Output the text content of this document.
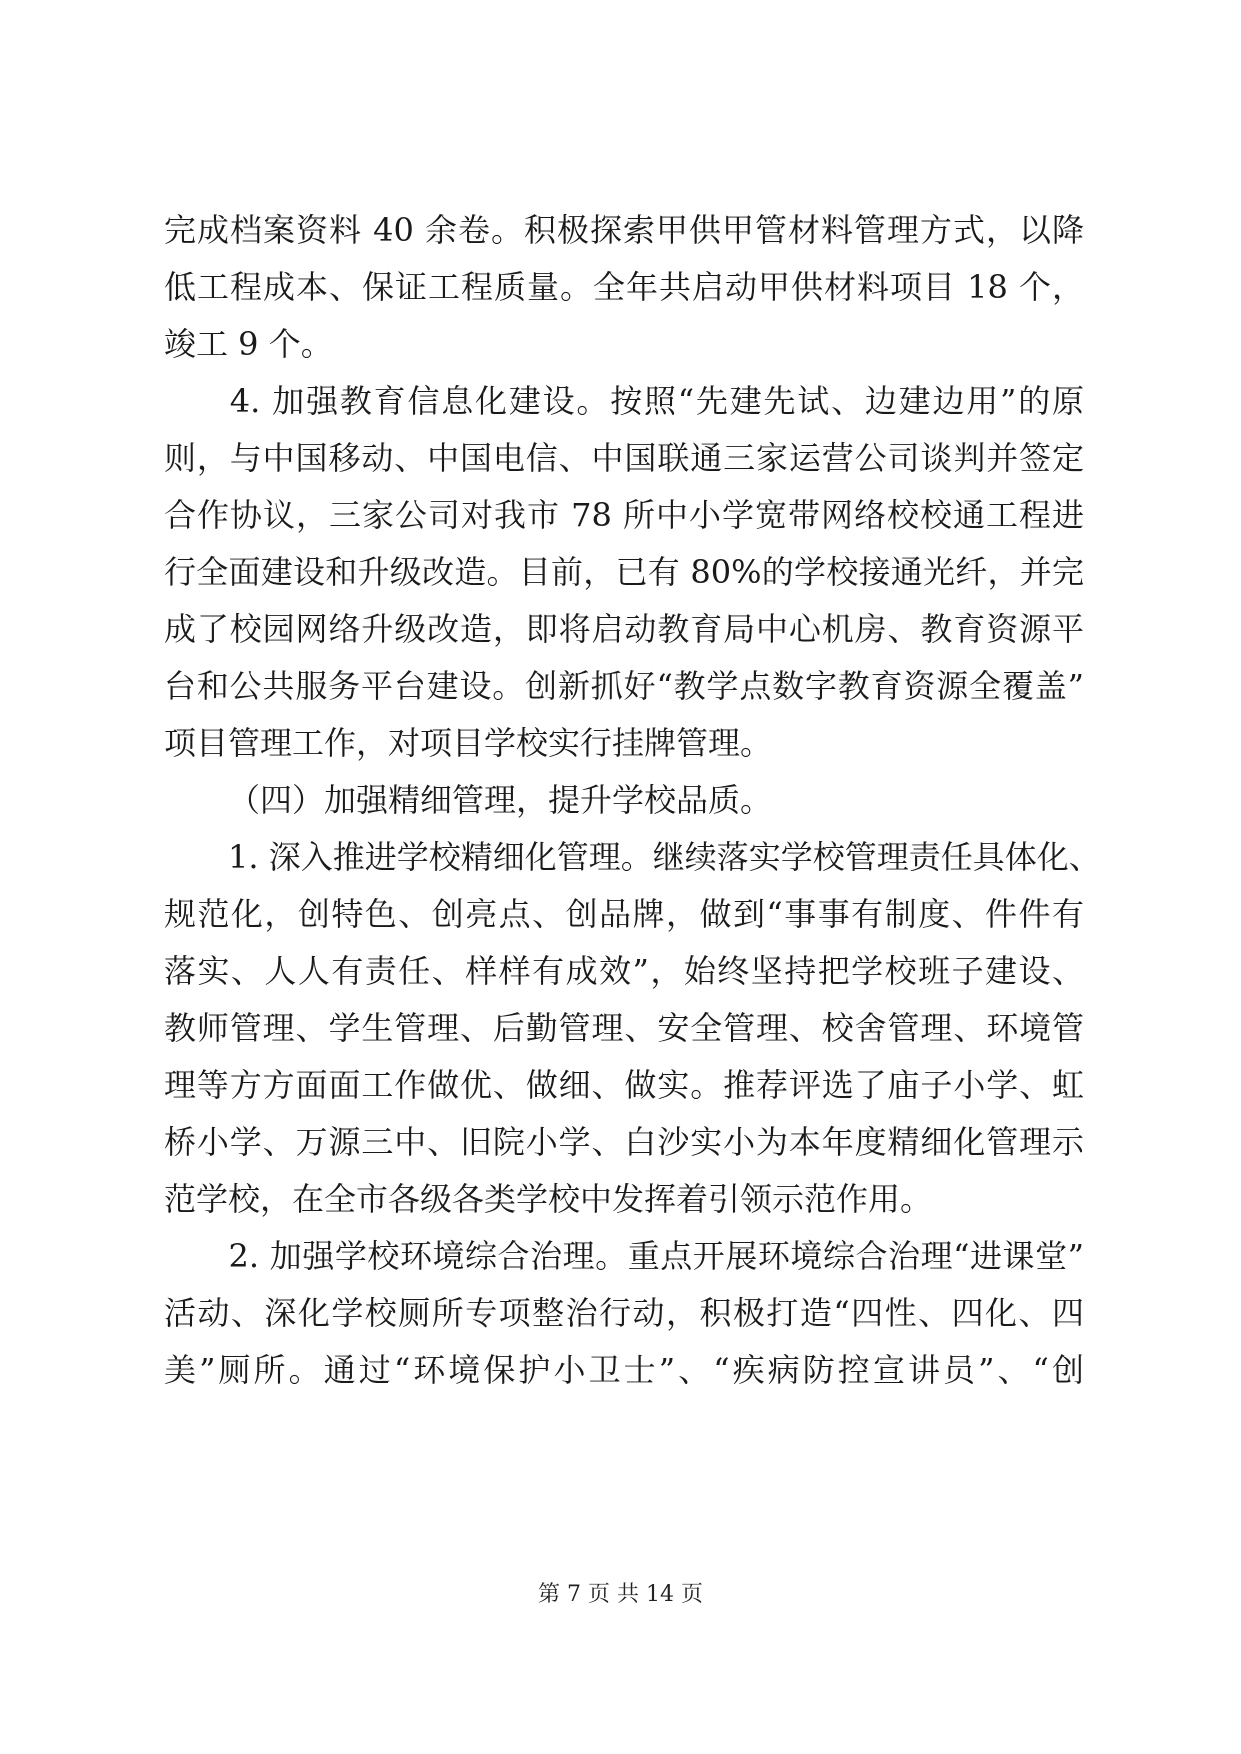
完成档案资料 40 余卷。积极探索甲供甲管材料管理方式，以降
低工程成本、保证工程质量。全年共启动甲供材料项目 18 个，
竣工 9 个。
　4. 加强教育信息化建设。按照“先建先试、边建边用”的原
则，与中国移动、中国电信、中国联通三家运营公司谈判并签定
合作协议，三家公司对我市 78 所中小学宽带网络校校通工程进
行全面建设和升级改造。目前，已有 80%的学校接通光纤，并完
成了校园网络升级改造，即将启动教育局中心机房、教育资源平
台和公共服务平台建设。创新抓好“教学点数字教育资源全覆盖”
项目管理工作，对项目学校实行挂牌管理。
（四）加强精细管理，提升学校品质。
　1. 深入推进学校精细化管理。继续落实学校管理责任具体化、
规范化，创特色、创亮点、创品牌，做到“事事有制度、件件有
落实、人人有责任、样样有成效”，始终坚持把学校班子建设、
教师管理、学生管理、后勤管理、安全管理、校舍管理、环境管
理等方方面面工作做优、做细、做实。推荐评选了庙子小学、虹
桥小学、万源三中、旧院小学、白沙实小为本年度精细化管理示
范学校，在全市各级各类学校中发挥着引领示范作用。
　2. 加强学校环境综合治理。重点开展环境综合治理“进课堂”
活动、深化学校厕所专项整治行动，积极打造“四性、四化、四
美”厕所。通过“环境保护小卫士”、“疾病防控宣讲员”、“创
第 7 页 共 14 页
